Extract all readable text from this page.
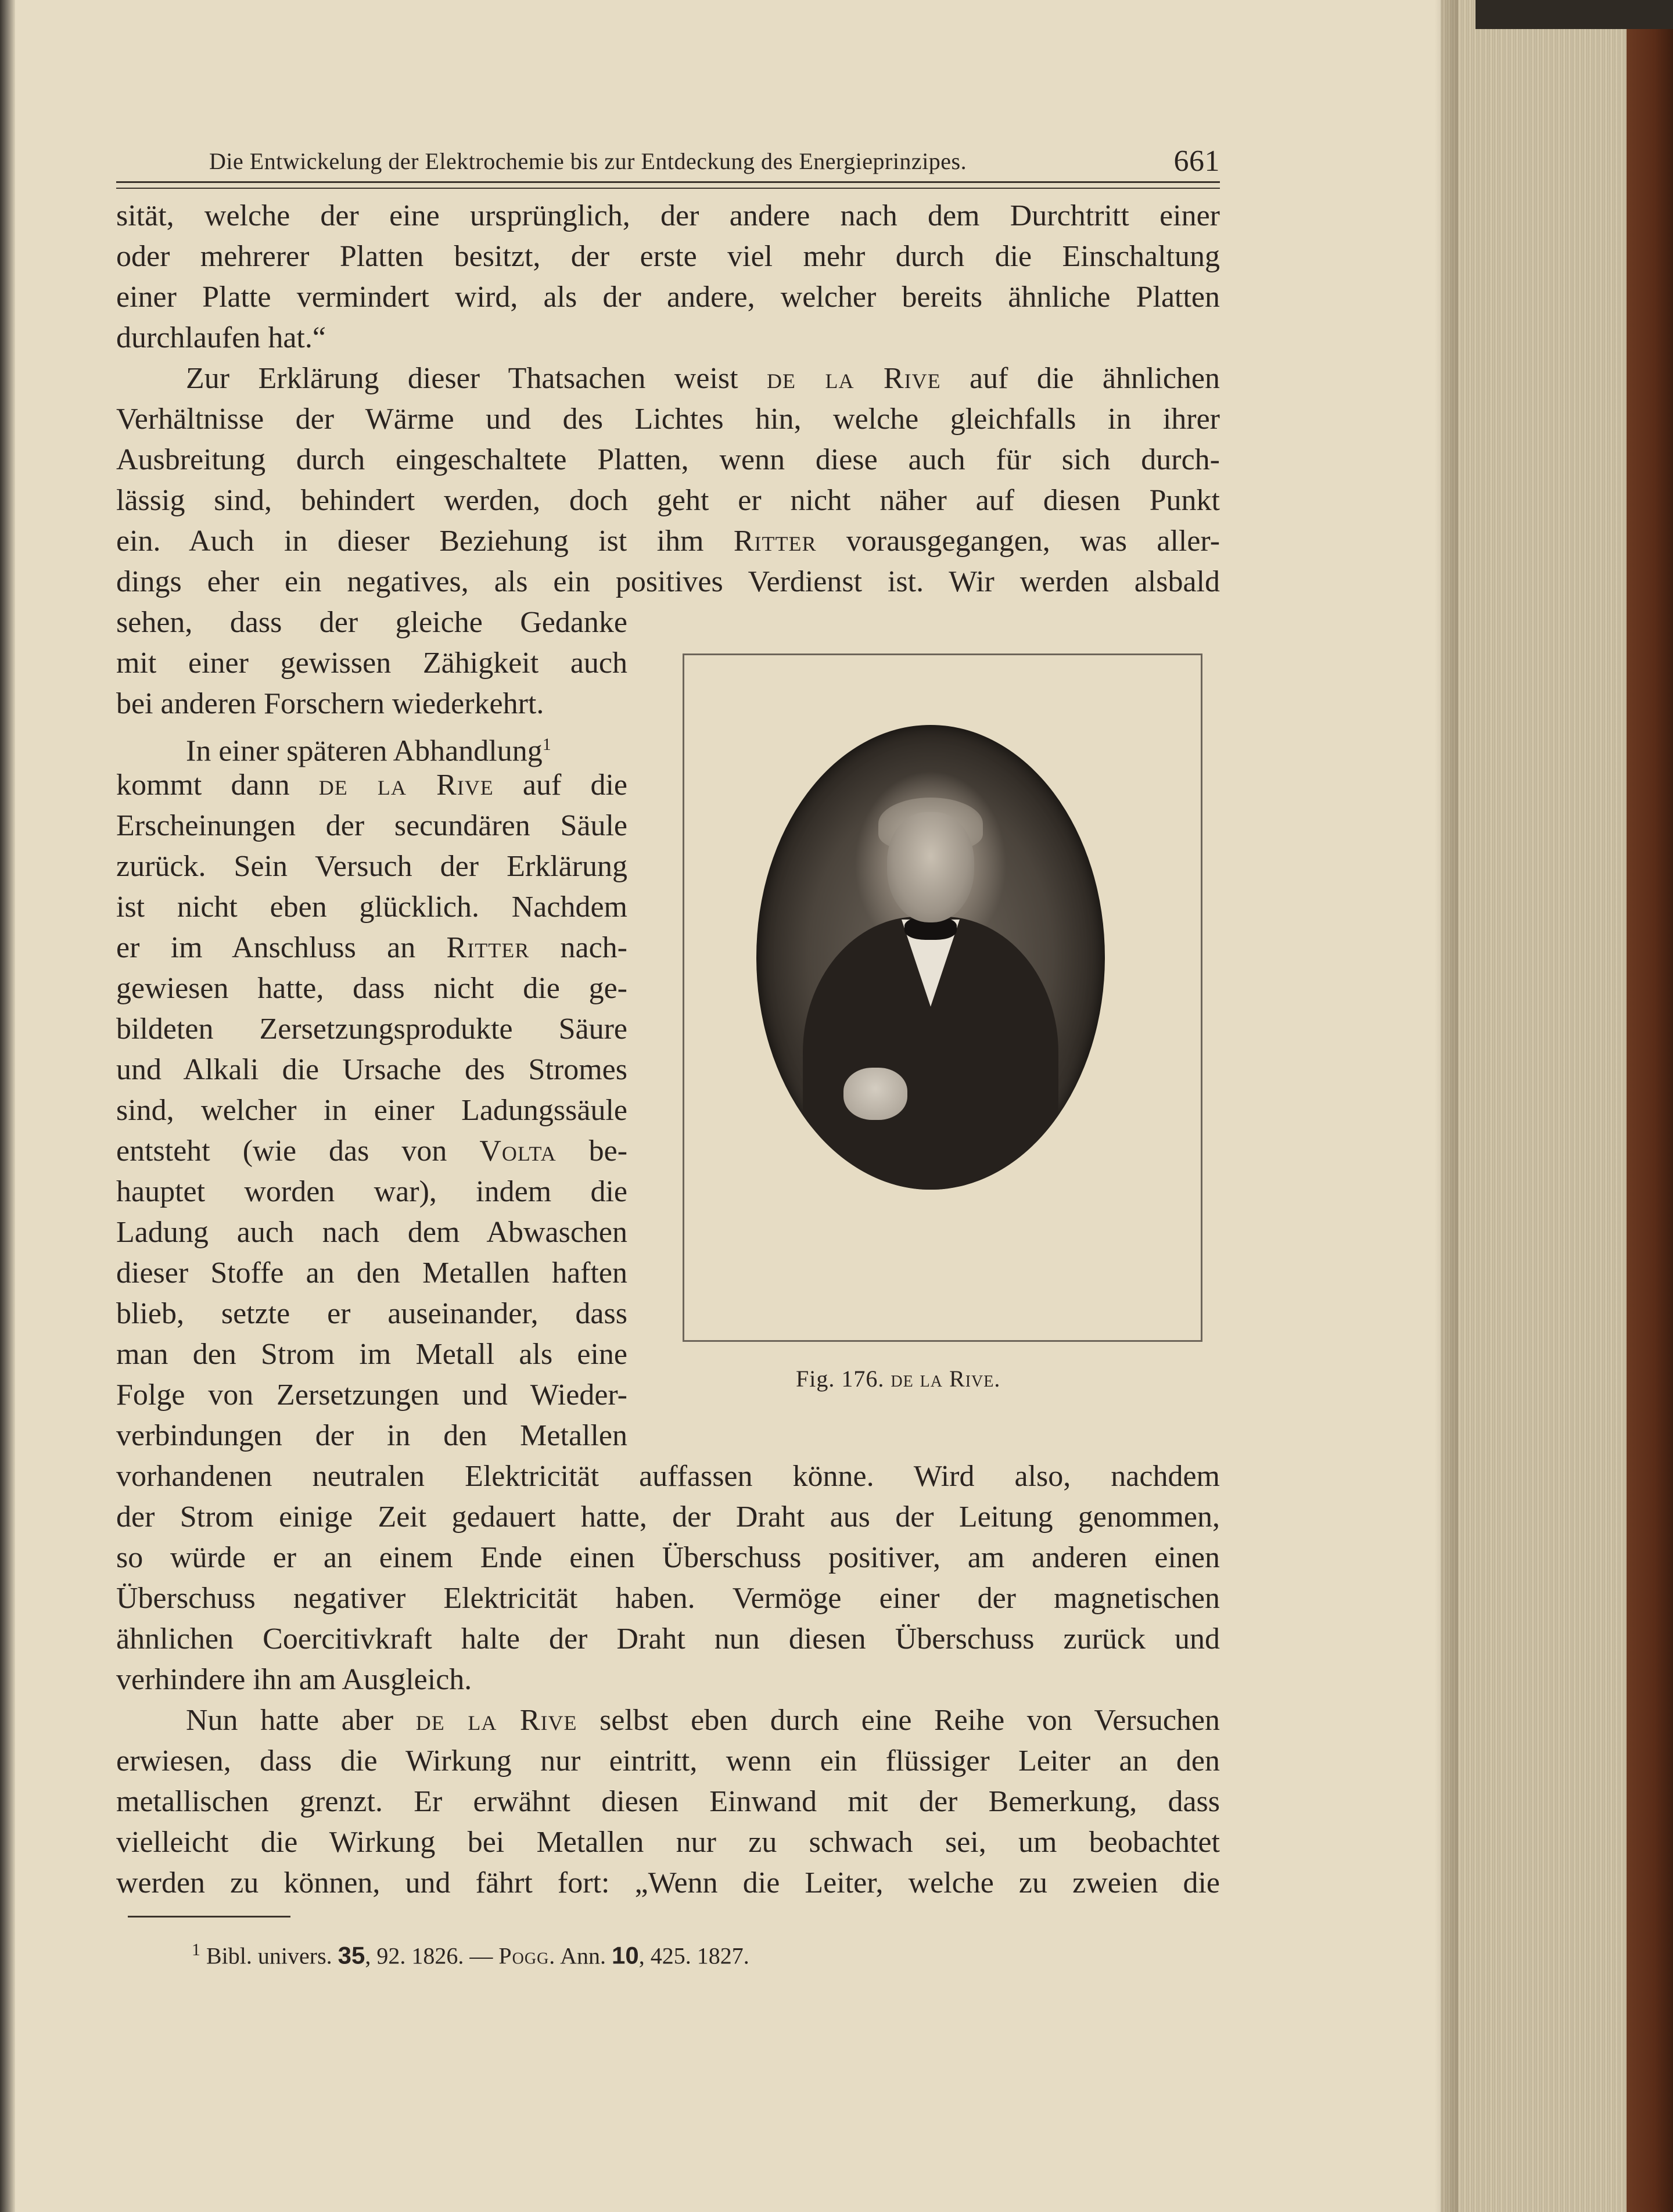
Die Entwickelung der Elektrochemie bis zur Entdeckung des Energieprinzipes.	661
sität, welche der eine ursprünglich, der andere nach dem Durchtritt einer
oder mehrerer Platten besitzt, der erste viel mehr durch die Einschaltung
einer Platte vermindert wird, als der andere, welcher bereits ähnliche Platten
durchlaufen hat.“
Zur Erklärung dieser Thatsachen weist de la Rive auf die ähnlichen
Verhältnisse der Wärme und des Lichtes hin, welche gleichfalls in ihrer
Ausbreitung durch eingeschaltete Platten, wenn diese auch für sich durch-
lässig sind, behindert werden, doch geht er nicht näher auf diesen Punkt
ein. Auch in dieser Beziehung ist ihm Ritter vorausgegangen, was aller-
dings eher ein negatives, als ein positives Verdienst ist. Wir werden alsbald
sehen, dass der gleiche Gedanke
mit einer gewissen Zähigkeit auch
bei anderen Forschern wiederkehrt.
In einer späteren Abhandlung$^1$
kommt dann de la Rive auf die
Erscheinungen der secundären Säule
zurück. Sein Versuch der Erklärung
ist nicht eben glücklich. Nachdem
er im Anschluss an Ritter nach-
gewiesen hatte, dass nicht die ge-
bildeten Zersetzungsprodukte Säure
und Alkali die Ursache des Stromes
sind, welcher in einer Ladungssäule
entsteht (wie das von Volta be-
hauptet worden war), indem die
Ladung auch nach dem Abwaschen
dieser Stoffe an den Metallen haften
blieb, setzte er auseinander, dass
man den Strom im Metall als eine
Folge von Zersetzungen und Wieder-
verbindungen der in den Metallen
vorhandenen neutralen Elektricität auffassen könne. Wird also, nachdem
der Strom einige Zeit gedauert hatte, der Draht aus der Leitung genommen,
so würde er an einem Ende einen Überschuss positiver, am anderen einen
Überschuss negativer Elektricität haben. Vermöge einer der magnetischen
ähnlichen Coercitivkraft halte der Draht nun diesen Überschuss zurück und
verhindere ihn am Ausgleich.
Nun hatte aber de la Rive selbst eben durch eine Reihe von Versuchen
erwiesen, dass die Wirkung nur eintritt, wenn ein flüssiger Leiter an den
metallischen grenzt. Er erwähnt diesen Einwand mit der Bemerkung, dass
vielleicht die Wirkung bei Metallen nur zu schwach sei, um beobachtet
werden zu können, und fährt fort: „Wenn die Leiter, welche zu zweien die
Fig. 176. de la Rive.
$^1$ Bibl. univers. 35, 92. 1826. — Pogg. Ann. 10, 425. 1827.
